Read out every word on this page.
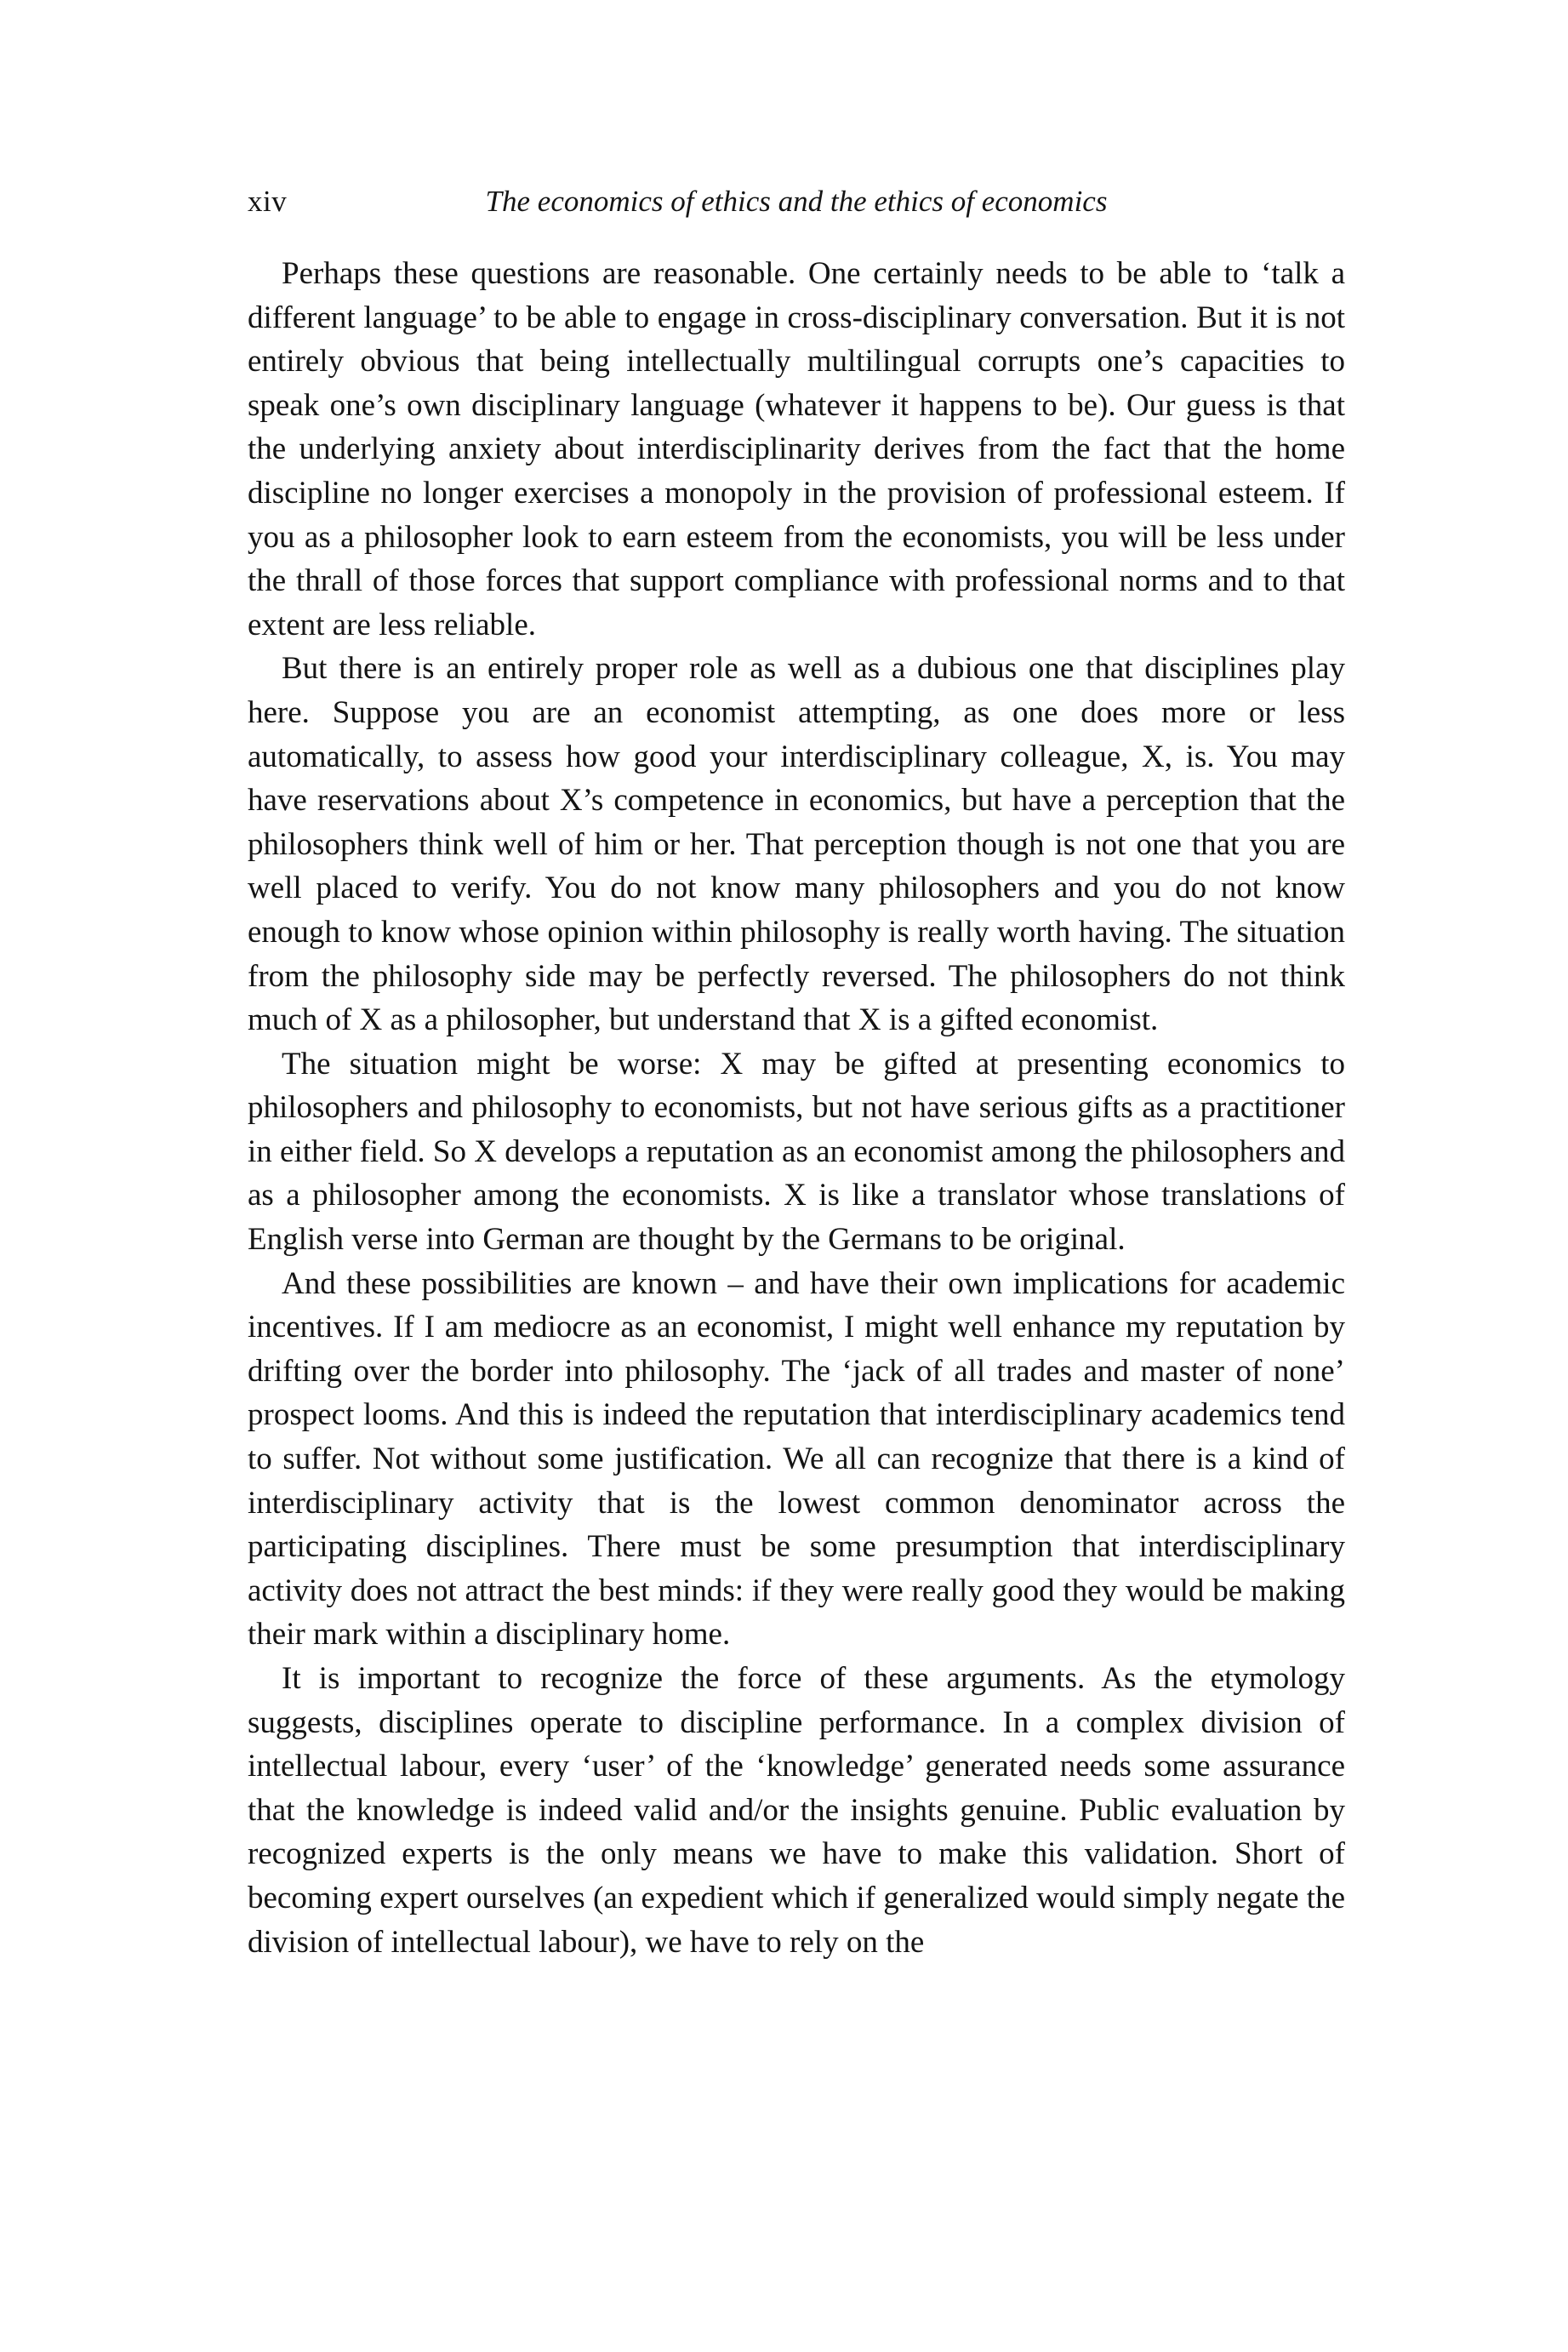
xiv	The economics of ethics and the ethics of economics

Perhaps these questions are reasonable. One certainly needs to be able to ‘talk a different language’ to be able to engage in cross-disciplinary conversation. But it is not entirely obvious that being intellectually multilingual corrupts one’s capacities to speak one’s own disciplinary language (whatever it happens to be). Our guess is that the underlying anxiety about interdisciplinarity derives from the fact that the home discipline no longer exercises a monopoly in the provision of professional esteem. If you as a philosopher look to earn esteem from the economists, you will be less under the thrall of those forces that support compliance with professional norms and to that extent are less reliable.

But there is an entirely proper role as well as a dubious one that disciplines play here. Suppose you are an economist attempting, as one does more or less automatically, to assess how good your interdisciplinary colleague, X, is. You may have reservations about X’s competence in economics, but have a perception that the philosophers think well of him or her. That perception though is not one that you are well placed to verify. You do not know many philosophers and you do not know enough to know whose opinion within philosophy is really worth having. The situation from the philosophy side may be perfectly reversed. The philosophers do not think much of X as a philosopher, but understand that X is a gifted economist.

The situation might be worse: X may be gifted at presenting economics to philosophers and philosophy to economists, but not have serious gifts as a practitioner in either field. So X develops a reputation as an economist among the philosophers and as a philosopher among the economists. X is like a translator whose translations of English verse into German are thought by the Germans to be original.

And these possibilities are known – and have their own implications for academic incentives. If I am mediocre as an economist, I might well enhance my reputation by drifting over the border into philosophy. The ‘jack of all trades and master of none’ prospect looms. And this is indeed the reputation that interdisciplinary academics tend to suffer. Not without some justification. We all can recognize that there is a kind of interdisciplinary activity that is the lowest common denominator across the participating disciplines. There must be some presumption that interdisciplinary activity does not attract the best minds: if they were really good they would be making their mark within a disciplinary home.

It is important to recognize the force of these arguments. As the etymology suggests, disciplines operate to discipline performance. In a complex division of intellectual labour, every ‘user’ of the ‘knowledge’ generated needs some assurance that the knowledge is indeed valid and/or the insights genuine. Public evaluation by recognized experts is the only means we have to make this validation. Short of becoming expert ourselves (an expedient which if generalized would simply negate the division of intellectual labour), we have to rely on the
